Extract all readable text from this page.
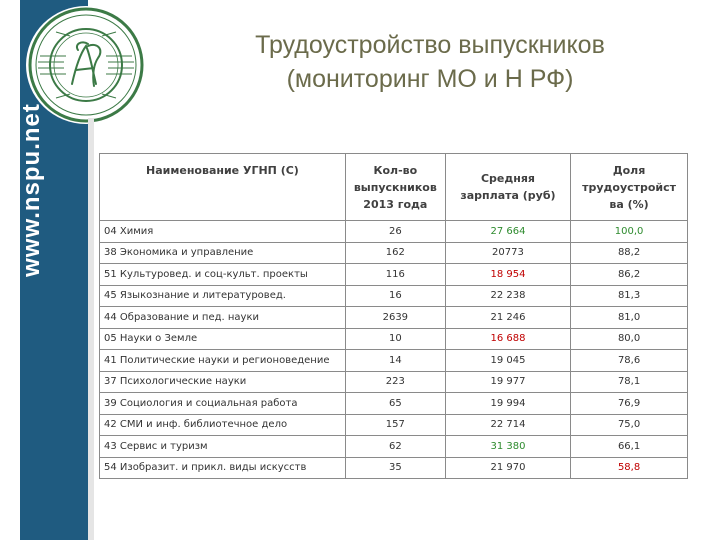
www.nspu.net
Трудоустройство выпускников
(мониторинг МО и Н РФ)
Наименование УГНП (С)	Кол-во выпускников 2013 года	Средняя зарплата (руб)	Доля трудоустройст ва (%)
04 Химия	26	27 664	100,0
38 Экономика и управление	162	20773	88,2
51 Культуровед. и соц-культ. проекты	116	18 954	86,2
45 Языкознание и литературовед.	16	22 238	81,3
44 Образование и пед. науки	2639	21 246	81,0
05 Науки о Земле	10	16 688	80,0
41 Политические науки и регионоведение	14	19 045	78,6
37 Психологические науки	223	19 977	78,1
39 Социология и социальная работа	65	19 994	76,9
42 СМИ и инф. библиотечное дело	157	22 714	75,0
43 Сервис и туризм	62	31 380	66,1
54 Изобразит. и прикл. виды искусств	35	21 970	58,8
